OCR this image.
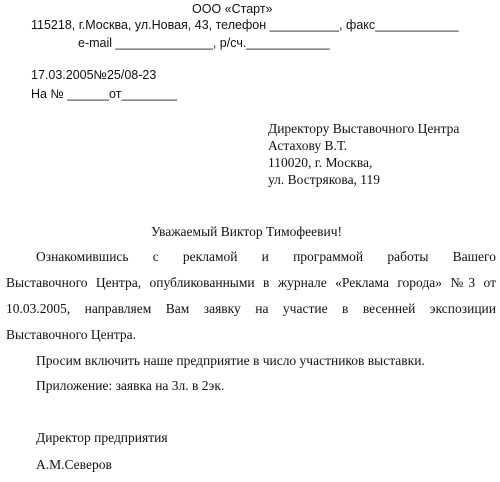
ООО «Старт»
115218, г.Москва, ул.Новая, 43, телефон __________, факс____________
e-mail ______________, р/сч.____________
17.03.2005№25/08-23
На № ______от________
Директору Выставочного Центра
Астахову В.Т.
110020, г. Москва,
ул. Вострякова, 119
Уважаемый Виктор Тимофеевич!
Ознакомившись с рекламой и программой работы Вашего
Выставочного Центра, опубликованными в журнале «Реклама города» №3 от
10.03.2005, направляем Вам заявку на участие в весенней экспозиции
Выставочного Центра.
Просим включить наше предприятие в число участников выставки.
Приложение: заявка на 3л. в 2эк.
Директор предприятия
А.М.Северов
